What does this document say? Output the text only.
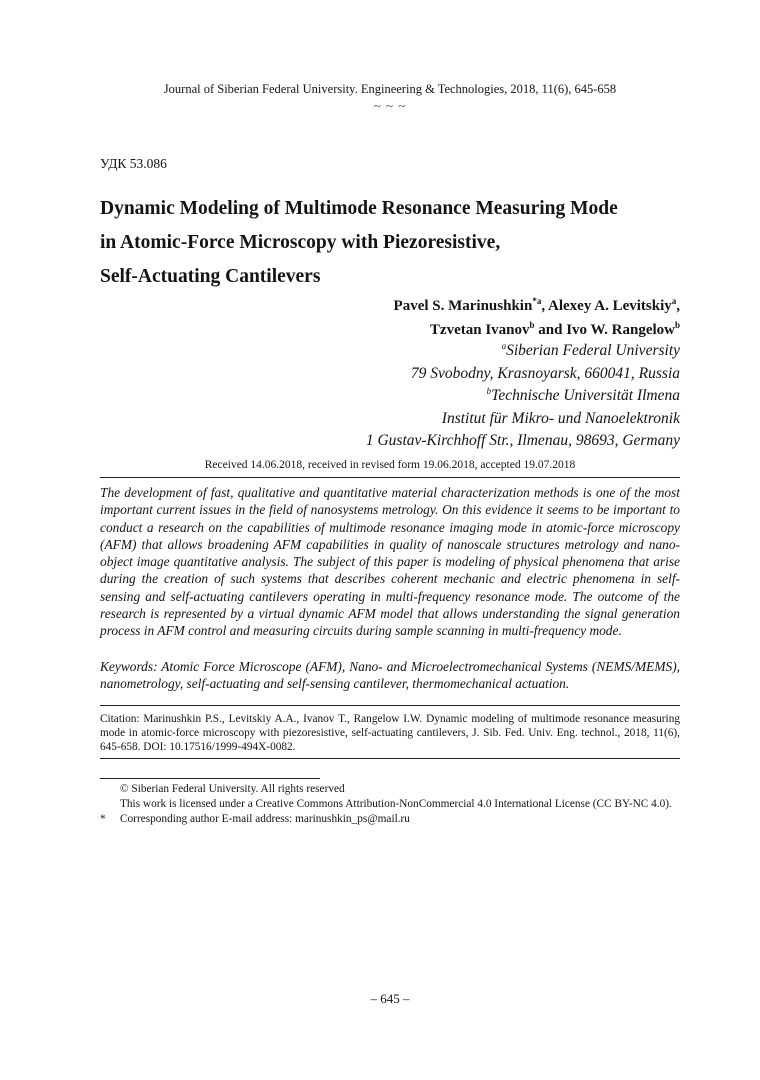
Journal of Siberian Federal University. Engineering & Technologies, 2018, 11(6), 645-658
~ ~ ~
УДК 53.086
Dynamic Modeling of Multimode Resonance Measuring Mode
in Atomic-Force Microscopy with Piezoresistive,
Self-Actuating Cantilevers
Pavel S. Marinushkin$^{*a}$, Alexey A. Levitskiy$^a$,
Tzvetan Ivanov$^b$ and Ivo W. Rangelow$^b$
$^a$Siberian Federal University
79 Svobodny, Krasnoyarsk, 660041, Russia
$^b$Technische Universität Ilmena
Institut für Mikro- und Nanoelektronik
1 Gustav-Kirchhoff Str., Ilmenau, 98693, Germany
Received 14.06.2018, received in revised form 19.06.2018, accepted 19.07.2018
The development of fast, qualitative and quantitative material characterization methods is one of the most important current issues in the field of nanosystems metrology. On this evidence it seems to be important to conduct a research on the capabilities of multimode resonance imaging mode in atomic-force microscopy (AFM) that allows broadening AFM capabilities in quality of nanoscale structures metrology and nano-object image quantitative analysis. The subject of this paper is modeling of physical phenomena that arise during the creation of such systems that describes coherent mechanic and electric phenomena in self-sensing and self-actuating cantilevers operating in multi-frequency resonance mode. The outcome of the research is represented by a virtual dynamic AFM model that allows understanding the signal generation process in AFM control and measuring circuits during sample scanning in multi-frequency mode.
Keywords: Atomic Force Microscope (AFM), Nano- and Microelectromechanical Systems (NEMS/MEMS), nanometrology, self-actuating and self-sensing cantilever, thermomechanical actuation.
Citation: Marinushkin P.S., Levitskiy A.A., Ivanov T., Rangelow I.W. Dynamic modeling of multimode resonance measuring mode in atomic-force microscopy with piezoresistive, self-actuating cantilevers, J. Sib. Fed. Univ. Eng. technol., 2018, 11(6), 645-658. DOI: 10.17516/1999-494X-0082.
© Siberian Federal University. All rights reserved
This work is licensed under a Creative Commons Attribution-NonCommercial 4.0 International License (CC BY-NC 4.0).
* Corresponding author E-mail address: marinushkin_ps@mail.ru
– 645 –
